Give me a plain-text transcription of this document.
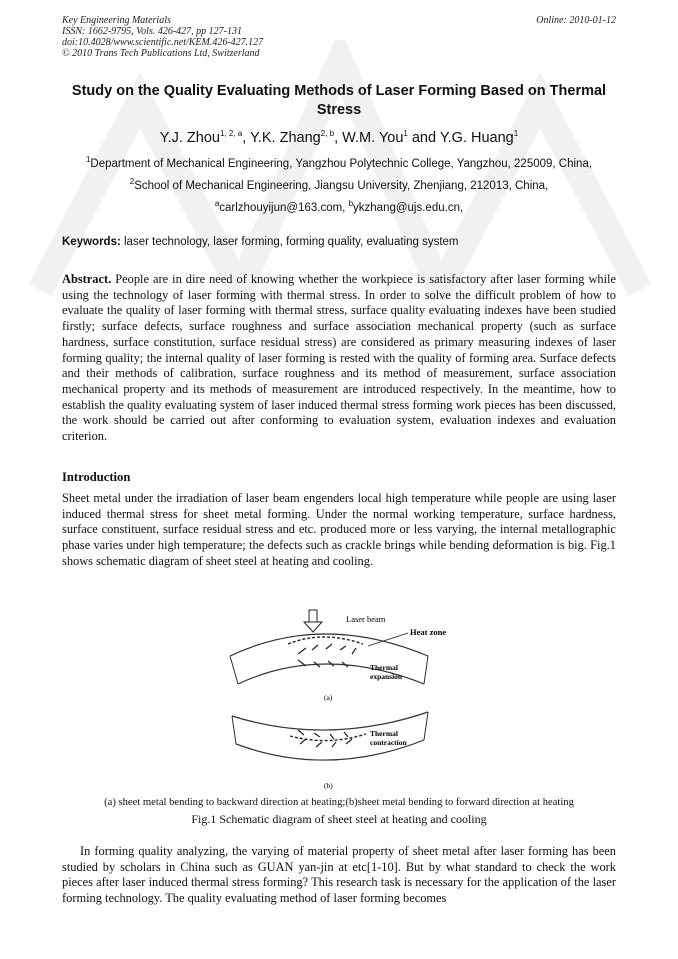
Key Engineering Materials
ISSN: 1662-9795, Vols. 426-427, pp 127-131
doi:10.4028/www.scientific.net/KEM.426-427.127
© 2010 Trans Tech Publications Ltd, Switzerland
Online: 2010-01-12
Study on the Quality Evaluating Methods of Laser Forming Based on Thermal Stress
Y.J. Zhou$^{1, 2, a}$, Y.K. Zhang$^{2, b}$, W.M. You$^1$ and Y.G. Huang$^1$
$^1$Department of Mechanical Engineering, Yangzhou Polytechnic College, Yangzhou, 225009, China,
$^2$School of Mechanical Engineering, Jiangsu University, Zhenjiang, 212013, China,
$^a$carlzhouyijun@163.com, $^b$ykzhang@ujs.edu.cn,
Keywords: laser technology, laser forming, forming quality, evaluating system
Abstract. People are in dire need of knowing whether the workpiece is satisfactory after laser forming while using the technology of laser forming with thermal stress. In order to solve the difficult problem of how to evaluate the quality of laser forming with thermal stress, surface quality evaluating indexes have been studied firstly; surface defects, surface roughness and surface association mechanical property (such as surface hardness, surface constitution, surface residual stress) are considered as primary measuring indexes of laser forming quality; the internal quality of laser forming is rested with the quality of forming area. Surface defects and their methods of calibration, surface roughness and its method of measurement, surface association mechanical property and its methods of measurement are introduced respectively. In the meantime, how to establish the quality evaluating system of laser induced thermal stress forming work pieces has been discussed, the work should be carried out after conforming to evaluation system, evaluation indexes and evaluation criterion.
Introduction
Sheet metal under the irradiation of laser beam engenders local high temperature while people are using laser induced thermal stress for sheet metal forming. Under the normal working temperature, surface hardness, surface constituent, surface residual stress and etc. produced more or less varying, the internal metallographic phase varies under high temperature; the defects such as crackle brings while bending deformation is big. Fig.1 shows schematic diagram of sheet steel at heating and cooling.
Laser beam
Heat zone
Thermal
expansion
(a)
Thermal
contraction
(b)
(a) sheet metal bending to backward direction at heating;(b)sheet metal bending to forward direction at heating
Fig.1 Schematic diagram of sheet steel at heating and cooling
In forming quality analyzing, the varying of material property of sheet metal after laser forming has been studied by scholars in China such as GUAN yan-jin at etc[1-10]. But by what standard to check the work pieces after laser induced thermal stress forming? This research task is necessary for the application of the laser forming technology. The quality evaluating method of laser forming becomes
